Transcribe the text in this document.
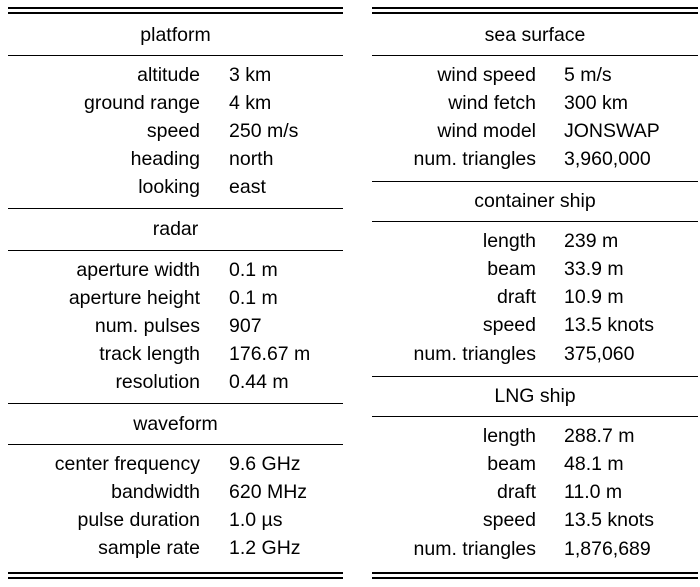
platform
altitude 3 km
ground range 4 km
speed 250 m/s
heading north
looking east
radar
aperture width 0.1 m
aperture height 0.1 m
num. pulses 907
track length 176.67 m
resolution 0.44 m
waveform
center frequency 9.6 GHz
bandwidth 620 MHz
pulse duration 1.0 µs
sample rate 1.2 GHz
sea surface
wind speed 5 m/s
wind fetch 300 km
wind model JONSWAP
num. triangles 3,960,000
container ship
length 239 m
beam 33.9 m
draft 10.9 m
speed 13.5 knots
num. triangles 375,060
LNG ship
length 288.7 m
beam 48.1 m
draft 11.0 m
speed 13.5 knots
num. triangles 1,876,689
